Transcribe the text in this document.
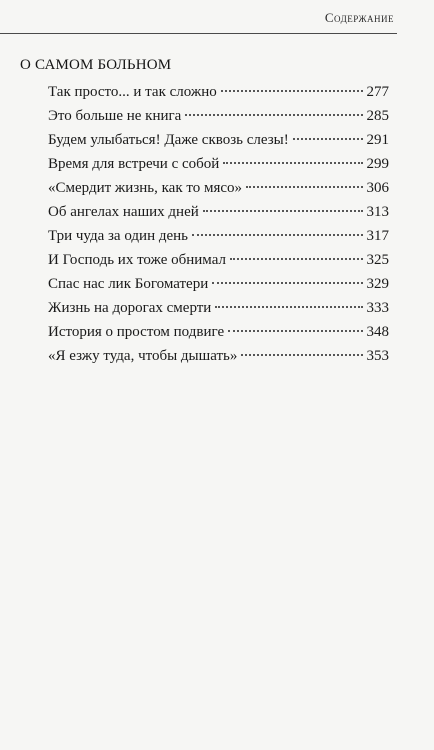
Содержание
О САМОМ БОЛЬНОМ
Так просто... и так сложно	277
Это больше не книга	285
Будем улыбаться! Даже сквозь слезы!	291
Время для встречи с собой	299
«Смердит жизнь, как то мясо»	306
Об ангелах наших дней	313
Три чуда за один день	317
И Господь их тоже обнимал	325
Спас нас лик Богоматери	329
Жизнь на дорогах смерти	333
История о простом подвиге	348
«Я езжу туда, чтобы дышать»	353
